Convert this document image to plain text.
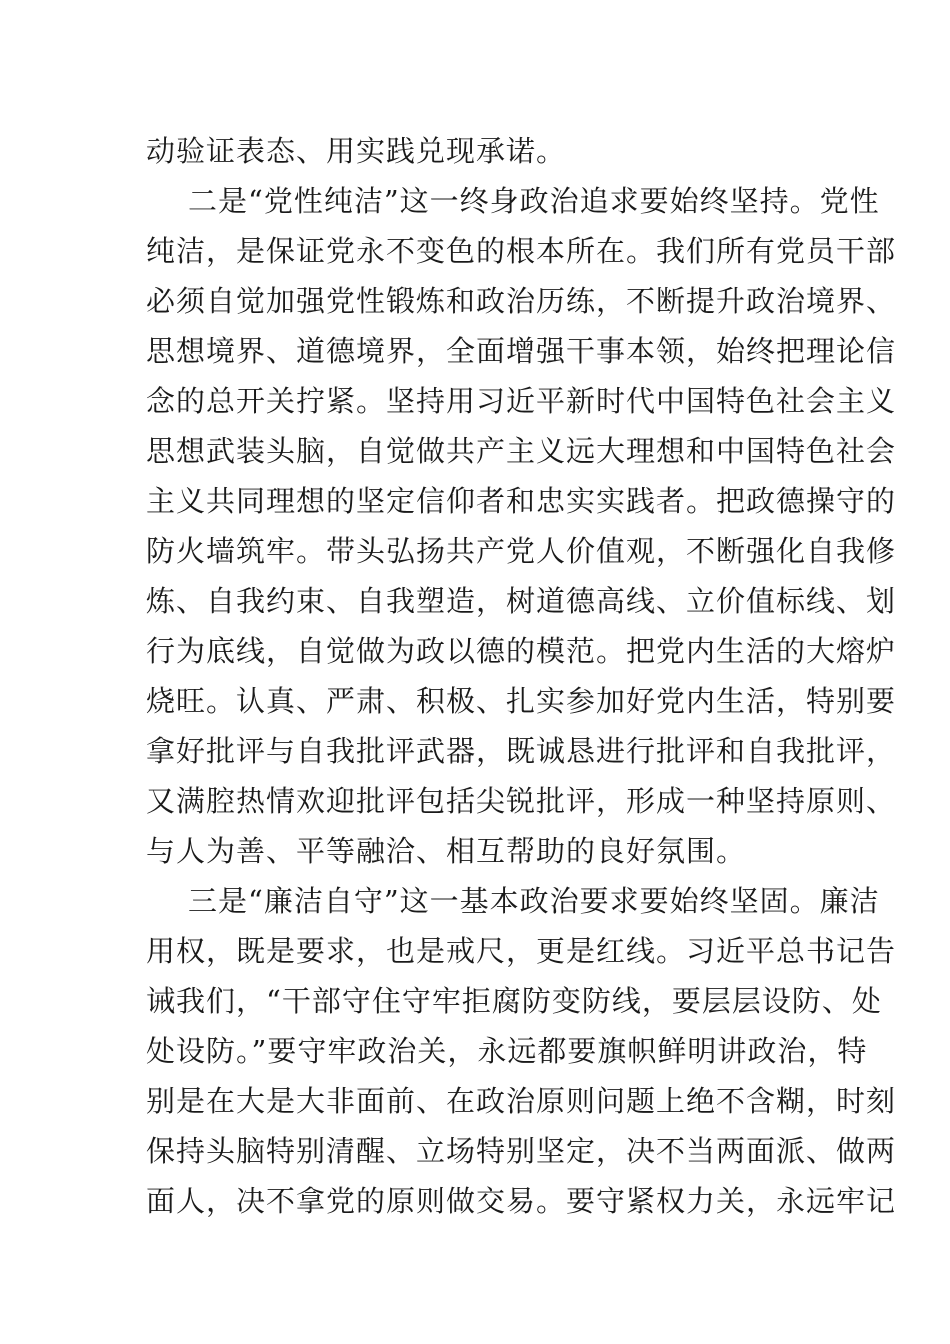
动验证表态、用实践兑现承诺。
二是“党性纯洁”这一终身政治追求要始终坚持。党性
纯洁，是保证党永不变色的根本所在。我们所有党员干部
必须自觉加强党性锻炼和政治历练，不断提升政治境界、
思想境界、道德境界，全面增强干事本领，始终把理论信
念的总开关拧紧。坚持用习近平新时代中国特色社会主义
思想武装头脑，自觉做共产主义远大理想和中国特色社会
主义共同理想的坚定信仰者和忠实实践者。把政德操守的
防火墙筑牢。带头弘扬共产党人价值观，不断强化自我修
炼、自我约束、自我塑造，树道德高线、立价值标线、划
行为底线，自觉做为政以德的模范。把党内生活的大熔炉
烧旺。认真、严肃、积极、扎实参加好党内生活，特别要
拿好批评与自我批评武器，既诚恳进行批评和自我批评，
又满腔热情欢迎批评包括尖锐批评，形成一种坚持原则、
与人为善、平等融洽、相互帮助的良好氛围。
三是“廉洁自守”这一基本政治要求要始终坚固。廉洁
用权，既是要求，也是戒尺，更是红线。习近平总书记告
诫我们，“干部守住守牢拒腐防变防线，要层层设防、处
处设防。”要守牢政治关，永远都要旗帜鲜明讲政治，特
别是在大是大非面前、在政治原则问题上绝不含糊，时刻
保持头脑特别清醒、立场特别坚定，决不当两面派、做两
面人，决不拿党的原则做交易。要守紧权力关，永远牢记
